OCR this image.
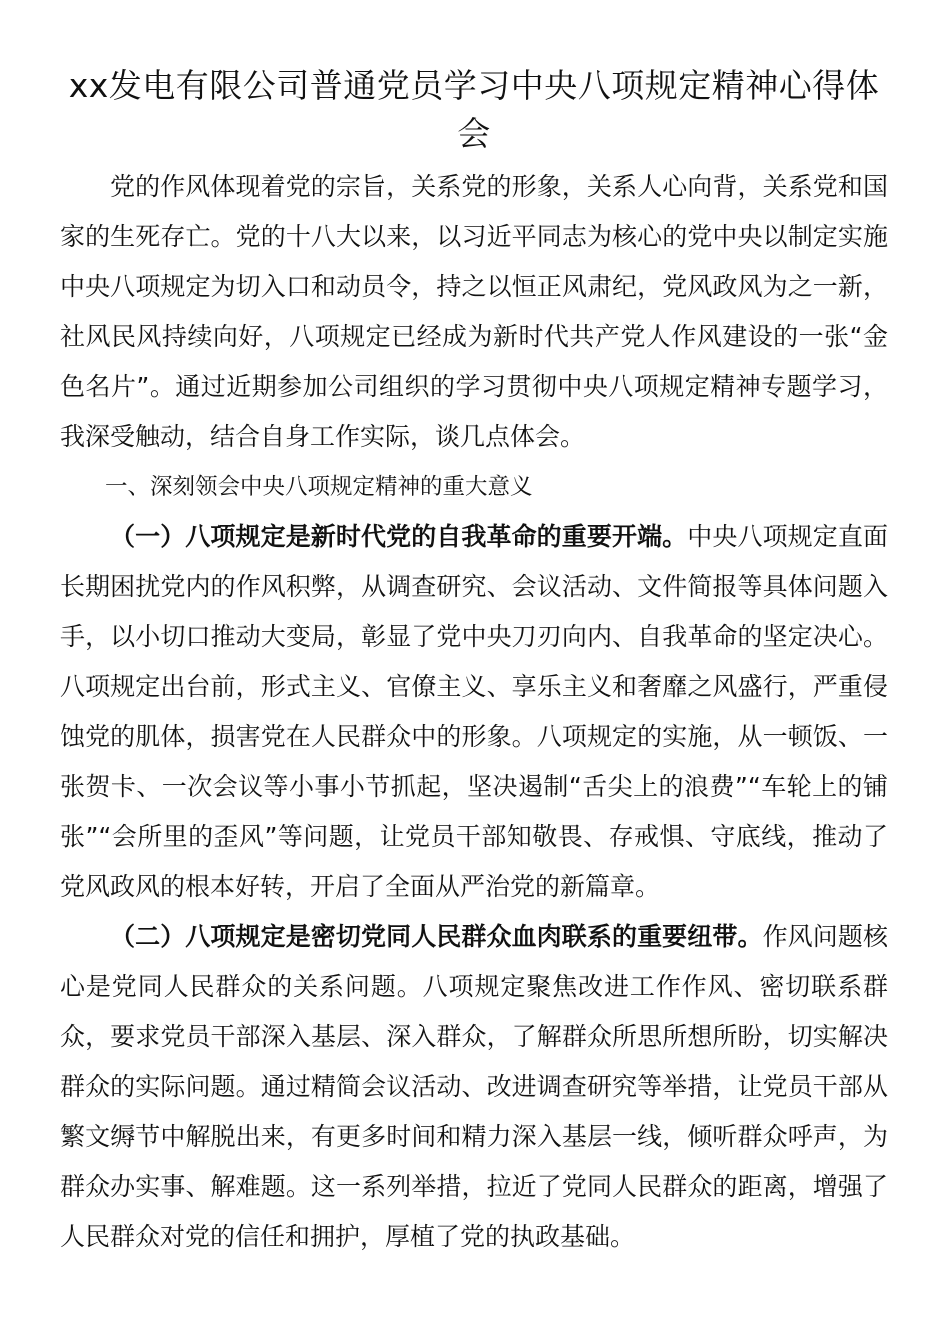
xx发电有限公司普通党员学习中央八项规定精神心得体会

党的作风体现着党的宗旨，关系党的形象，关系人心向背，关系党和国家的生死存亡。党的十八大以来，以习近平同志为核心的党中央以制定实施中央八项规定为切入口和动员令，持之以恒正风肃纪，党风政风为之一新，社风民风持续向好，八项规定已经成为新时代共产党人作风建设的一张“金色名片”。通过近期参加公司组织的学习贯彻中央八项规定精神专题学习，我深受触动，结合自身工作实际，谈几点体会。

一、深刻领会中央八项规定精神的重大意义

（一）八项规定是新时代党的自我革命的重要开端。中央八项规定直面长期困扰党内的作风积弊，从调查研究、会议活动、文件简报等具体问题入手，以小切口推动大变局，彰显了党中央刀刃向内、自我革命的坚定决心。八项规定出台前，形式主义、官僚主义、享乐主义和奢靡之风盛行，严重侵蚀党的肌体，损害党在人民群众中的形象。八项规定的实施，从一顿饭、一张贺卡、一次会议等小事小节抓起，坚决遏制“舌尖上的浪费”“车轮上的铺张”“会所里的歪风”等问题，让党员干部知敬畏、存戒惧、守底线，推动了党风政风的根本好转，开启了全面从严治党的新篇章。

（二）八项规定是密切党同人民群众血肉联系的重要纽带。作风问题核心是党同人民群众的关系问题。八项规定聚焦改进工作作风、密切联系群众，要求党员干部深入基层、深入群众，了解群众所思所想所盼，切实解决群众的实际问题。通过精简会议活动、改进调查研究等举措，让党员干部从繁文缛节中解脱出来，有更多时间和精力深入基层一线，倾听群众呼声，为群众办实事、解难题。这一系列举措，拉近了党同人民群众的距离，增强了人民群众对党的信任和拥护，厚植了党的执政基础。
